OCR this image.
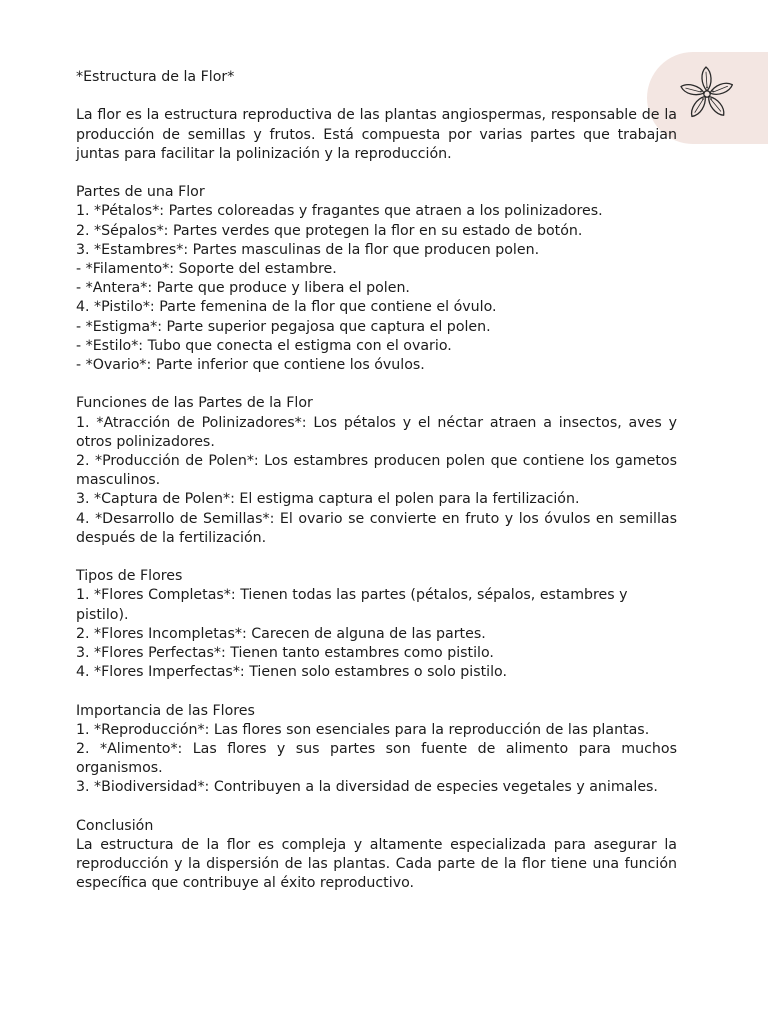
*Estructura de la Flor*

La flor es la estructura reproductiva de las plantas angiospermas, responsable de la producción de semillas y frutos. Está compuesta por varias partes que trabajan juntas para facilitar la polinización y la reproducción.

Partes de una Flor

1. *Pétalos*: Partes coloreadas y fragantes que atraen a los polinizadores.

2. *Sépalos*: Partes verdes que protegen la flor en su estado de botón.

3. *Estambres*: Partes masculinas de la flor que producen polen.

- *Filamento*: Soporte del estambre.

- *Antera*: Parte que produce y libera el polen.

4. *Pistilo*: Parte femenina de la flor que contiene el óvulo.

- *Estigma*: Parte superior pegajosa que captura el polen.

- *Estilo*: Tubo que conecta el estigma con el ovario.

- *Ovario*: Parte inferior que contiene los óvulos.

Funciones de las Partes de la Flor

1. *Atracción de Polinizadores*: Los pétalos y el néctar atraen a insectos, aves y otros polinizadores.

2. *Producción de Polen*: Los estambres producen polen que contiene los gametos masculinos.

3. *Captura de Polen*: El estigma captura el polen para la fertilización.

4. *Desarrollo de Semillas*: El ovario se convierte en fruto y los óvulos en semillas después de la fertilización.

Tipos de Flores

1. *Flores Completas*: Tienen todas las partes (pétalos, sépalos, estambres y pistilo).

2. *Flores Incompletas*: Carecen de alguna de las partes.

3. *Flores Perfectas*: Tienen tanto estambres como pistilo.

4. *Flores Imperfectas*: Tienen solo estambres o solo pistilo.

Importancia de las Flores

1. *Reproducción*: Las flores son esenciales para la reproducción de las plantas.

2. *Alimento*: Las flores y sus partes son fuente de alimento para muchos organismos.

3. *Biodiversidad*: Contribuyen a la diversidad de especies vegetales y animales.

Conclusión

La estructura de la flor es compleja y altamente especializada para asegurar la reproducción y la dispersión de las plantas. Cada parte de la flor tiene una función específica que contribuye al éxito reproductivo.
